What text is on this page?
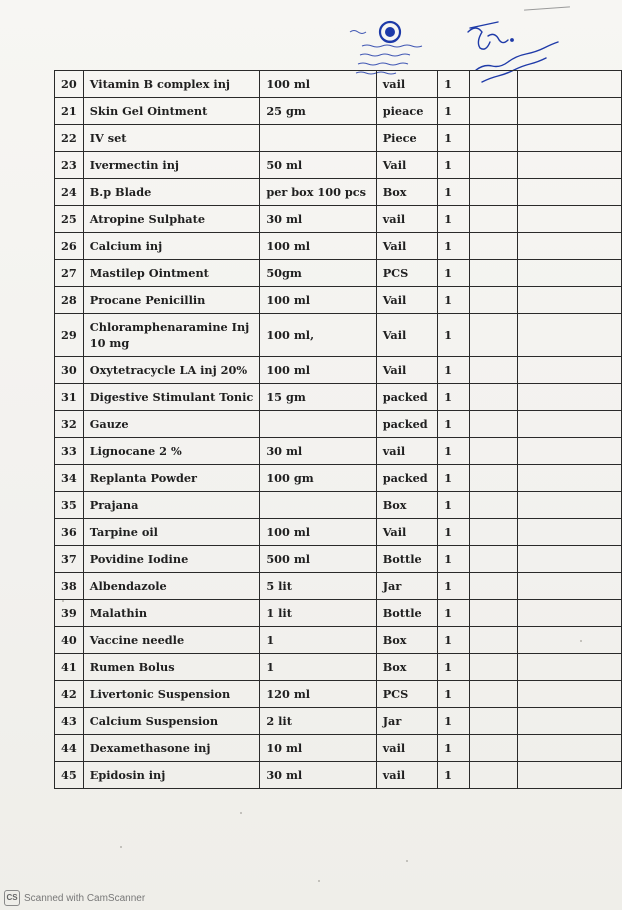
20	Vitamin B complex inj	100 ml	vail	1		
21	Skin Gel Ointment	25 gm	pieace	1		
22	IV set		Piece	1		
23	Ivermectin inj	50 ml	Vail	1		
24	B.p Blade	per box 100 pcs	Box	1		
25	Atropine Sulphate	30 ml	vail	1		
26	Calcium inj	100 ml	Vail	1		
27	Mastilep Ointment	50gm	PCS	1		
28	Procane Penicillin	100 ml	Vail	1		
29	Chloramphenaramine Inj 10 mg	100 ml,	Vail	1		
30	Oxytetracycle LA inj 20%	100 ml	Vail	1		
31	Digestive Stimulant Tonic	15 gm	packed	1		
32	Gauze		packed	1		
33	Lignocane 2 %	30 ml	vail	1		
34	Replanta Powder	100 gm	packed	1		
35	Prajana		Box	1		
36	Tarpine oil	100 ml	Vail	1		
37	Povidine Iodine	500 ml	Bottle	1		
38	Albendazole	5 lit	Jar	1		
39	Malathin	1 lit	Bottle	1		
40	Vaccine needle	1	Box	1		
41	Rumen Bolus	1	Box	1		
42	Livertonic Suspension	120 ml	PCS	1		
43	Calcium Suspension	2 lit	Jar	1		
44	Dexamethasone inj	10 ml	vail	1		
45	Epidosin inj	30 ml	vail	1		
CS Scanned with CamScanner
